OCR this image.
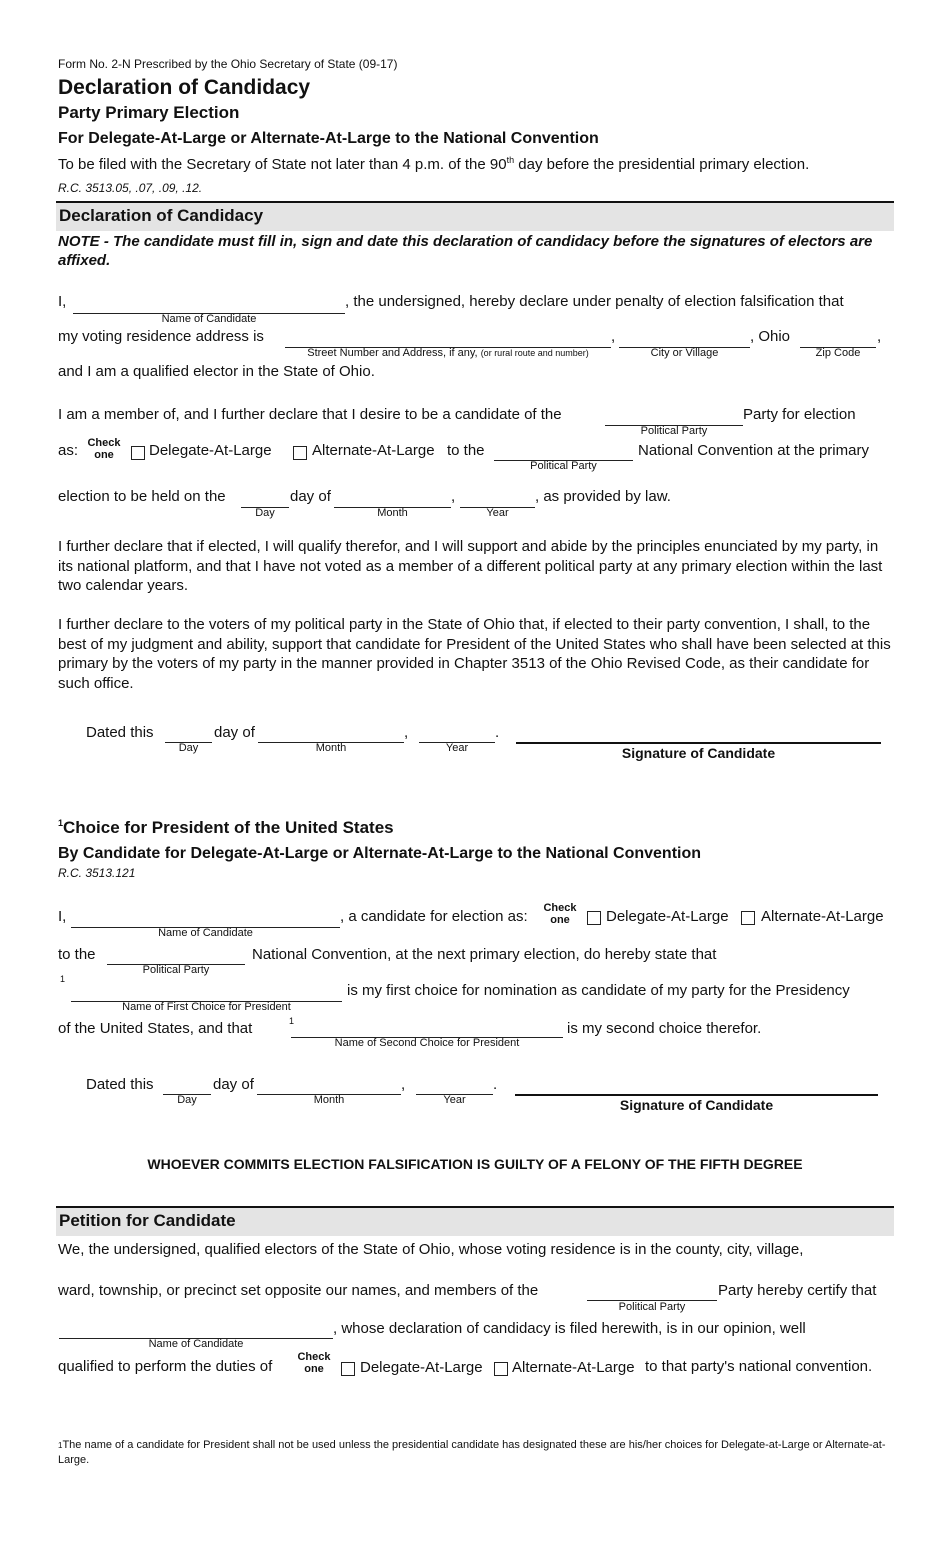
Form No. 2-N Prescribed by the Ohio Secretary of State (09-17)
Declaration of Candidacy
Party Primary Election
For Delegate-At-Large or Alternate-At-Large to the National Convention
To be filed with the Secretary of State not later than 4 p.m. of the 90th day before the presidential primary election.
R.C. 3513.05, .07, .09, .12.
Declaration of Candidacy
NOTE - The candidate must fill in, sign and date this declaration of candidacy before the signatures of electors are affixed.
I,
Name of Candidate
, the undersigned, hereby declare under penalty of election falsification that
my voting residence address is
Street Number and Address, if any, (or rural route and number)
,
City or Village
, Ohio
Zip Code
,
and I am a qualified elector in the State of Ohio.
I am a member of, and I further declare that I desire to be a candidate of the
Political Party
Party for election
as: Check
one	Delegate-At-Large	Alternate-At-Large to the
Political Party
National Convention at the primary
election to be held on the
Day
day of
Month
,
Year
, as provided by law.
I further declare that if elected, I will qualify therefor, and I will support and abide by the principles enunciated by my party, in its national platform, and that I have not voted as a member of a different political party at any primary election within the last two calendar years.
I further declare to the voters of my political party in the State of Ohio that, if elected to their party convention, I shall, to the best of my judgment and ability, support that candidate for President of the United States who shall have been selected at this primary by the voters of my party in the manner provided in Chapter 3513 of the Ohio Revised Code, as their candidate for such office.
Dated this
Day
day of
Month
,
Year
.
Signature of Candidate
$^1$Choice for President of the United States
By Candidate for Delegate-At-Large or Alternate-At-Large to the National Convention
R.C. 3513.121
I,
Name of Candidate
, a candidate for election as:	Check
one	Delegate-At-Large Alternate-At-Large
to the
Political Party
National Convention, at the next primary election, do hereby state that
1
Name of First Choice for President
is my first choice for nomination as candidate of my party for the Presidency
of the United States, and that	1
Name of Second Choice for President
is my second choice therefor.
Dated this
Day
day of
Month
,
Year
.
Signature of Candidate
WHOEVER COMMITS ELECTION FALSIFICATION IS GUILTY OF A FELONY OF THE FIFTH DEGREE
Petition for Candidate
We, the undersigned, qualified electors of the State of Ohio, whose voting residence is in the county, city, village,
ward, township, or precinct set opposite our names, and members of the
Political Party
Party hereby certify that
Name of Candidate
, whose declaration of candidacy is filed herewith, is in our opinion, well
qualified to perform the duties of
Check
one	Delegate-At-Large Alternate-At-Large to that party's national convention.
$^1$The name of a candidate for President shall not be used unless the presidential candidate has designated these are his/her choices for Delegate-at-Large or Alternate-at-Large.
